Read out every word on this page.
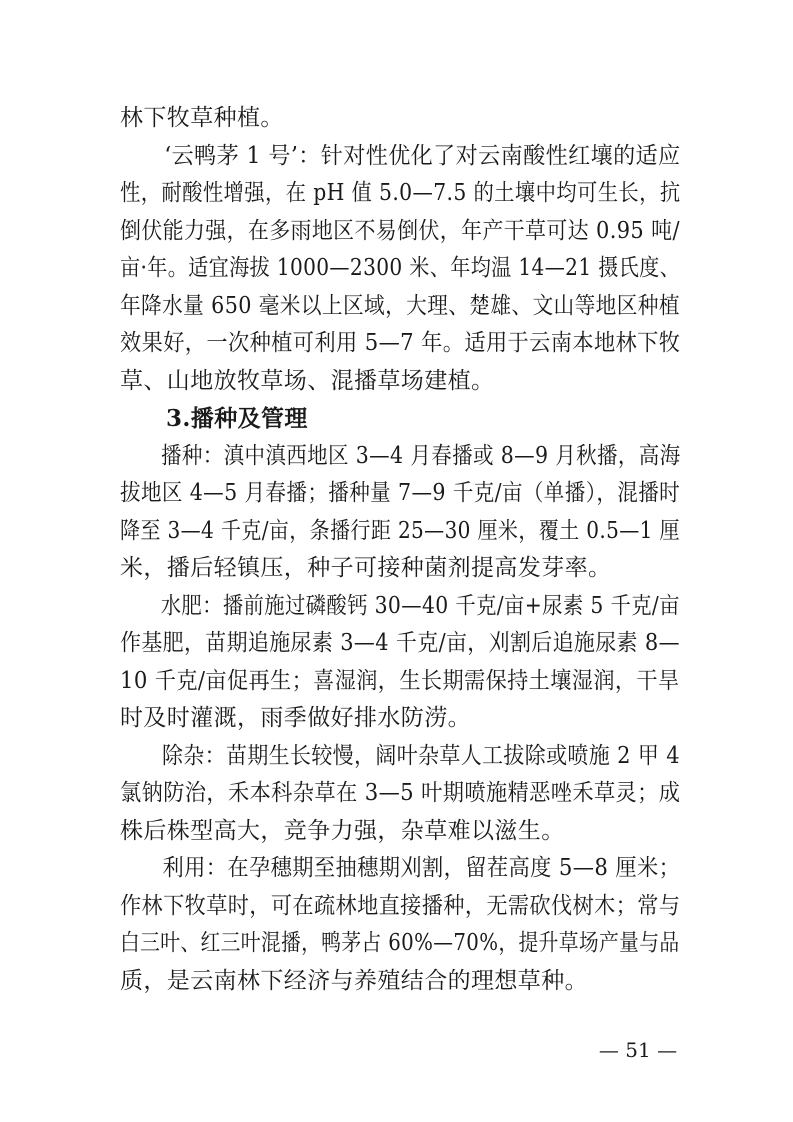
林下牧草种植。
‘云鸭茅 1 号’：针对性优化了对云南酸性红壤的适应
性，耐酸性增强，在 pH 值 5.0—7.5 的土壤中均可生长，抗
倒伏能力强，在多雨地区不易倒伏，年产干草可达 0.95 吨/
亩·年。适宜海拔 1000—2300 米、年均温 14—21 摄氏度、
年降水量 650 毫米以上区域，大理、楚雄、文山等地区种植
效果好，一次种植可利用 5—7 年。适用于云南本地林下牧
草、山地放牧草场、混播草场建植。
3.播种及管理
播种：滇中滇西地区 3—4 月春播或 8—9 月秋播，高海
拔地区 4—5 月春播；播种量 7—9 千克/亩（单播），混播时
降至 3—4 千克/亩，条播行距 25—30 厘米，覆土 0.5—1 厘
米，播后轻镇压，种子可接种菌剂提高发芽率。
水肥：播前施过磷酸钙 30—40 千克/亩+尿素 5 千克/亩
作基肥，苗期追施尿素 3—4 千克/亩，刈割后追施尿素 8—
10 千克/亩促再生；喜湿润，生长期需保持土壤湿润，干旱
时及时灌溉，雨季做好排水防涝。
除杂：苗期生长较慢，阔叶杂草人工拔除或喷施 2 甲 4
氯钠防治，禾本科杂草在 3—5 叶期喷施精恶唑禾草灵；成
株后株型高大，竞争力强，杂草难以滋生。
利用：在孕穗期至抽穗期刈割，留茬高度 5—8 厘米；
作林下牧草时，可在疏林地直接播种，无需砍伐树木；常与
白三叶、红三叶混播，鸭茅占 60%—70%，提升草场产量与品
质，是云南林下经济与养殖结合的理想草种。
— 51 —
